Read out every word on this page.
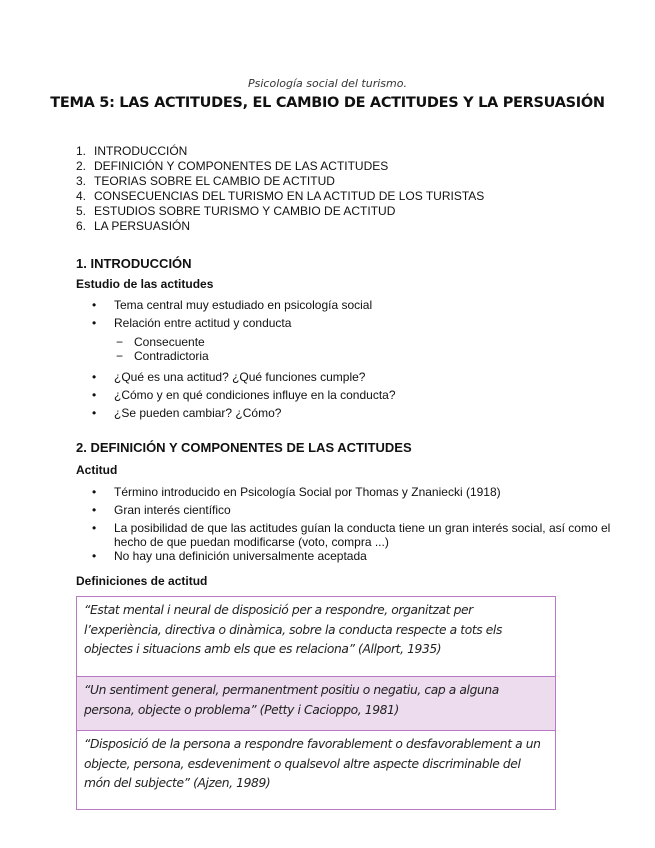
Psicología social del turismo.
TEMA 5: LAS ACTITUDES, EL CAMBIO DE ACTITUDES Y LA PERSUASIÓN
1. INTRODUCCIÓN
2. DEFINICIÓN Y COMPONENTES DE LAS ACTITUDES
3. TEORIAS SOBRE EL CAMBIO DE ACTITUD
4. CONSECUENCIAS DEL TURISMO EN LA ACTITUD DE LOS TURISTAS
5. ESTUDIOS SOBRE TURISMO Y CAMBIO DE ACTITUD
6. LA PERSUASIÓN
1. INTRODUCCIÓN
Estudio de las actitudes
• Tema central muy estudiado en psicología social
• Relación entre actitud y conducta
− Consecuente
− Contradictoria
• ¿Qué es una actitud? ¿Qué funciones cumple?
• ¿Cómo y en qué condiciones influye en la conducta?
• ¿Se pueden cambiar? ¿Cómo?
2. DEFINICIÓN Y COMPONENTES DE LAS ACTITUDES
Actitud
• Término introducido en Psicología Social por Thomas y Znaniecki (1918)
• Gran interés científico
• La posibilidad de que las actitudes guían la conducta tiene un gran interés social, así como el hecho de que puedan modificarse (voto, compra ...)
• No hay una definición universalmente aceptada
Definiciones de actitud
“Estat mental i neural de disposició per a respondre, organitzat per l’experiència, directiva o dinàmica, sobre la conducta respecte a tots els objectes i situacions amb els que es relaciona” (Allport, 1935)
“Un sentiment general, permanentment positiu o negatiu, cap a alguna persona, objecte o problema” (Petty i Cacioppo, 1981)
“Disposició de la persona a respondre favorablement o desfavorablement a un objecte, persona, esdeveniment o qualsevol altre aspecte discriminable del món del subjecte” (Ajzen, 1989)
